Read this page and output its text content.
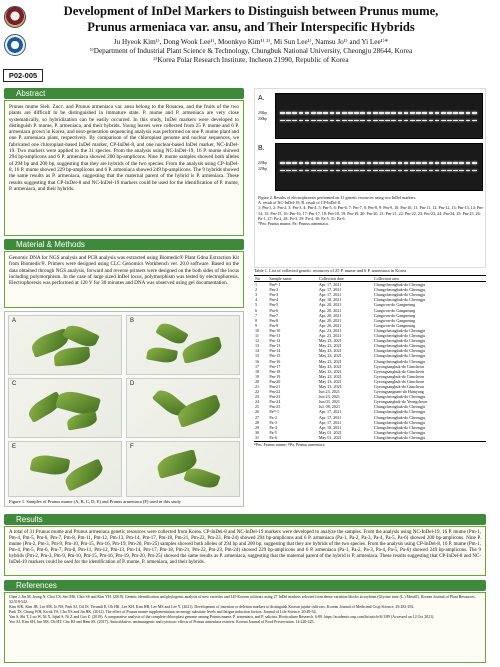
Development of InDel Markers to Distinguish between Prunus mume,
Prunus armeniaca var. ansu, and Their Interspecific Hybrids
Ju Hyeok Kim¹⁾, Dong Wook Lee¹⁾, Moonkyo Kim¹⁾ ²⁾, Mi Sun Lee¹⁾, Namsu Jo¹⁾ and Yi Lee¹⁾*
¹⁾Department of Industrial Plant Science & Technology, Chungbuk National University, Cheongju 28644, Korea
²⁾Korea Polar Research Institute, Incheon 21990, Republic of Korea
P02-005
Abstract
Prunus mume Sieb. Zucc. and Prunus armeniaca var. ansu belong to the Rosacea, and the fruits of the two plants are difficult to be distinguished in immature state. P. mume and P. armeniaca are very close systematically, so hybridization can be easily occurred. In this study, InDel markers were developed to distinguish P. mume, P. armeniaca, and their hybrids. Young leaves were collected from 25 P. mume and 6 P. armeniaca grown in Korea, and next-generation sequencing analysis was performed on one P. mume plant and one P. armeniaca plant, respectively. By comparison of the chloroplast genome and nuclear sequences, we fabricated one chloroplast-based InDel marker, CP-InDel-8, and one nuclear-based InDel marker, NC-InDel-19. Two markers were applied to the 31 species. From the analysis using NC-InDel-19, 16 P. mume showed 294 bp-amplicons and 6 P. armeniaca showed 200 bp-amplicons. Nine P. mume samples showed both alleles of 294 bp and 200 bp, suggesting that they are hybrids of the two species. From the analysis using CP-InDel-8, 16 P. mume showed 229 bp-amplicons and 6 P. armeniaca showed 249 bp-amplicons. The 9 hybrids showed the same results as P. armeniaca, suggesting that the maternal parent of the hybrid is P. armeniaca. These results suggesting that CP-InDel-8 and NC-InDel-19 markers could be used for the identification of P. mume, P. armeniaca, and their hybrids.
Material & Methods
Genomic DNA for NGS analysis and PCR analysis was extracted using Biomedic® Plant Gdna Extraction Kit from Biomedic®. Primers were designed using CLC Genomics Workbench ver. 20.0 software. Based on the data obtained through NGS analysis, forward and reverse primers were designed on the both sides of the locus including polymorphism. In the case of large sized InDel locus, polymorphism was tested by electrophoresis. Electrophoresis was performed at 120 V for 30 minutes and DNA was observed using gel documentation.
A	B
C	D
E	F
Figure 1. Samples of Prunus mume (A, B, C, D, E) and Prunus armeniaca (F) used in this study
A.
294bp
200bp
B.
249bp
229bp
Figure 2. Results of electrophoresis performed on 31 genetic resources using two InDel markers.
A. result of NC-InDel-19, B. result of CP-InDel-8.
1: Pm-1, 2: Pm-2, 3: Pm-3, 4: Pm-4, 5: Pm-5, 6: Pm-6, 7: Pm-7, 8: Pm-8, 9: Pm-9, 10: Pm-10, 11: Pm-11, 12: Pm-12, 13: Pm-13, 14: Pm-14, 15: Pm-15, 16: Pm-16, 17: Pm-17, 18: Pm-18, 19: Pm-19, 20: Pm-20, 21: Pm-21, 22: Pm-22, 23: Pm-23, 24: Pm-24, 25: Pm-25, 26: Pa-1, 27: Pa-2, 28: Pa-3, 29: Pa-4, 30: Pa-5, 31: Pa-6
*Pm: Prunus mume, Pa: Prunus armeniaca.
Table 1. List of collected genetic resources of 25 P. mume and 6 P. armeniaca in Korea
No	Sample name	Collection date	Collection area
1	Pm¹⁾-1	Apr. 17, 2021	Chungcheongbuk-do Cheongju
2	Pm-2	Apr. 17, 2021	Chungcheongbuk-do Cheongju
3	Pm-3	Apr. 17, 2021	Chungcheongbuk-do Cheongju
4	Pm-4	Apr. 18, 2021	Chungcheongbuk-do Cheongju
5	Pm-5	Apr. 20, 2021	Gangwon-do Gangneung
6	Pm-6	Apr. 20, 2021	Gangwon-do Gangneung
7	Pm-7	Apr. 20, 2021	Gangwon-do Gangneung
8	Pm-8	Apr. 20, 2021	Gangwon-do Gangneung
9	Pm-9	Apr. 20, 2021	Gangwon-do Gangneung
10	Pm-10	Apr. 23, 2021	Chungcheongbuk-do Cheongju
11	Pm-11	Apr. 23, 2021	Chungcheongbuk-do Cheongju
12	Pm-12	May 23, 2021	Chungcheongbuk-do Cheongju
13	Pm-13	May 23, 2021	Chungcheongbuk-do Cheongju
14	Pm-14	May 23, 2021	Chungcheongbuk-do Cheongju
15	Pm-15	May 23, 2021	Chungcheongbuk-do Cheongju
16	Pm-16	May 23, 2021	Chungcheongbuk-do Cheongju
17	Pm-17	May 23, 2021	Gyeongsangbuk-do Gimcheon
18	Pm-18	May 23, 2021	Gyeongsangbuk-do Gimcheon
19	Pm-19	May 23, 2021	Gyeongsangbuk-do Gimcheon
20	Pm-20	May 23, 2021	Gyeongsangbuk-do Gimcheon
21	Pm-21	May 23, 2021	Gyeongsangbuk-do Gimcheon
22	Pm-22	Jun 23, 2021	Gyeongsangnam-do Hamyang
23	Pm-23	Jun 23, 2021	Chungcheongbuk-do Cheongju
24	Pm-24	Jun 03, 2021	Gyeongsangbuk-do Yeongcheon
25	Pm-25	Jul. 08, 2021	Chungcheongbuk-do Cheongju
26	Pa²⁾-1	Apr. 17, 2021	Chungcheongbuk-do Cheongju
27	Pa-2	Apr. 17, 2021	Chungcheongbuk-do Cheongju
28	Pa-3	Apr. 17, 2021	Chungcheongbuk-do Cheongju
29	Pa-4	Apr. 18, 2021	Chungcheongbuk-do Cheongju
30	Pa-5	May 01, 2021	Chungcheongbuk-do Cheongju
31	Pa-6	May 01, 2021	Chungcheongbuk-do Cheongju
¹⁾Pm, Prunus mume; ²⁾Pa, Prunus armeniaca
Results
A total of 31 Prunus mume and Prunus armeniaca genetic resources were collected from Korea. CP-InDel-8 and NC-InDel-19 markers were developed to analyze the samples. From the analysis using NC-InDel-19, 16 P. mume (Pm-1, Pm-4, Pm-5, Pm-6, Pm-7, Pm-8, Pm-11, Pm-12, Pm-13, Pm-14, Pm-17, Pm-18, Pm-21, Pm-22, Pm-23, Pm-24) showed 294 bp-amplicons and 6 P. armeniaca (Pa-1, Pa-2, Pa-3, Pa-4, Pa-5, Pa-6) showed 200 bp-amplicons. Nine P. mume (Pm-2, Pm-3, Pm-9, Pm-10, Pm-15, Pm-16, Pm-19, Pm-20, Pm-25) samples showed both alleles of 294 bp and 200 bp, suggesting that they are hybrids of the two species. From the analysis using CP-InDel-8, 16 P. mume (Pm-1, Pm-4, Pm-5, Pm-6, Pm-7, Pm-8, Pm-11, Pm-12, Pm-13, Pm-14, Pm-17, Pm-18, Pm-21, Pm-22, Pm-23, Pm-24) showed 229 bp-amplicons and 6 P. armeniaca (Pa-1, Pa-2, Pa-3, Pa-4, Pa-5, Pa-6) showed 249 bp-amplicons. The 9 hybrids (Pm-2, Pm-3, Pm-9, Pm-10, Pm-15, Pm-16, Pm-19, Pm-20, Pm-25) showed the same results as P. armeniaca, suggesting that the maternal parent of the hybrid is P. armeniaca. These results suggesting that CP-InDel-8 and NC-InDel-19 markers could be used for the identification of P. mume, P. armeniaca, and their hybrids.
References
Chen J, Jin M, Jeong N, Choi CS, Seo MS, Choi SS and Kim YH. (2019). Genetic identification and phylogenic analysis of new varieties and 149 Korean cultivars using 27 InDel markers selected from dense variation blocks in soybean (Glycine max (L.) Merrill). Korean Journal of Plant Resources. 32:519-542.
Kim SJK, Kim JH, Lee MS, Jo NS, Park SJ, Gil JS, Yerumlt E, Oh HK, Lee KH, Kim HB, Lee MS and Lee Y. (2021). Development of insertion or deletion markers to distinguish Korean jujube cultivars. Korean Journal of Medicinal Crop Science. 29:282-292.
Park TS, Chung WH, Kwak YS, Cho YS and Jin HK. (2012). The effect of Prunus mume supplementation on energy substrate levels and fatigue induction factors. Journal of Life Science. 20:49-54.
Yan S, Shi T, Luo W, Ni X, Iqbal S, Ni Z and Gao Z. (2019). A comparative analysis of the complete chloroplast genome among Prunus mume, P. armeniaca, and P. salicina. Horticulture Research. 6:89. https://academic.oup.com/hr/article/6/1/89 (Accessed on 12 Oct 2021).
Yoo SJ, Kim SH, Jun MS, Oh HT, Cho HJ and Ham SS. (2017). Antioxidative, antimutagenic and cytotoxic effects of Prunus armeniaca extracts. Korean Journal of Food Preservation. 14:220-225.
